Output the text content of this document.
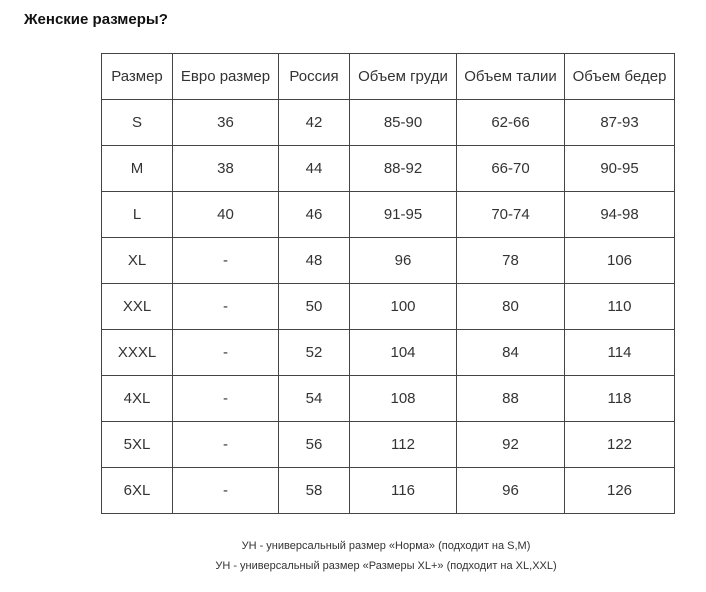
Женские размеры?
Размер	Евро размер	Россия	Объем груди	Объем талии	Объем бедер
S	36	42	85-90	62-66	87-93
M	38	44	88-92	66-70	90-95
L	40	46	91-95	70-74	94-98
XL	-	48	96	78	106
XXL	-	50	100	80	110
XXXL	-	52	104	84	114
4XL	-	54	108	88	118
5XL	-	56	112	92	122
6XL	-	58	116	96	126

УН - универсальный размер «Норма» (подходит на S,M)

УН - универсальный размер «Размеры XL+» (подходит на XL,XXL)
